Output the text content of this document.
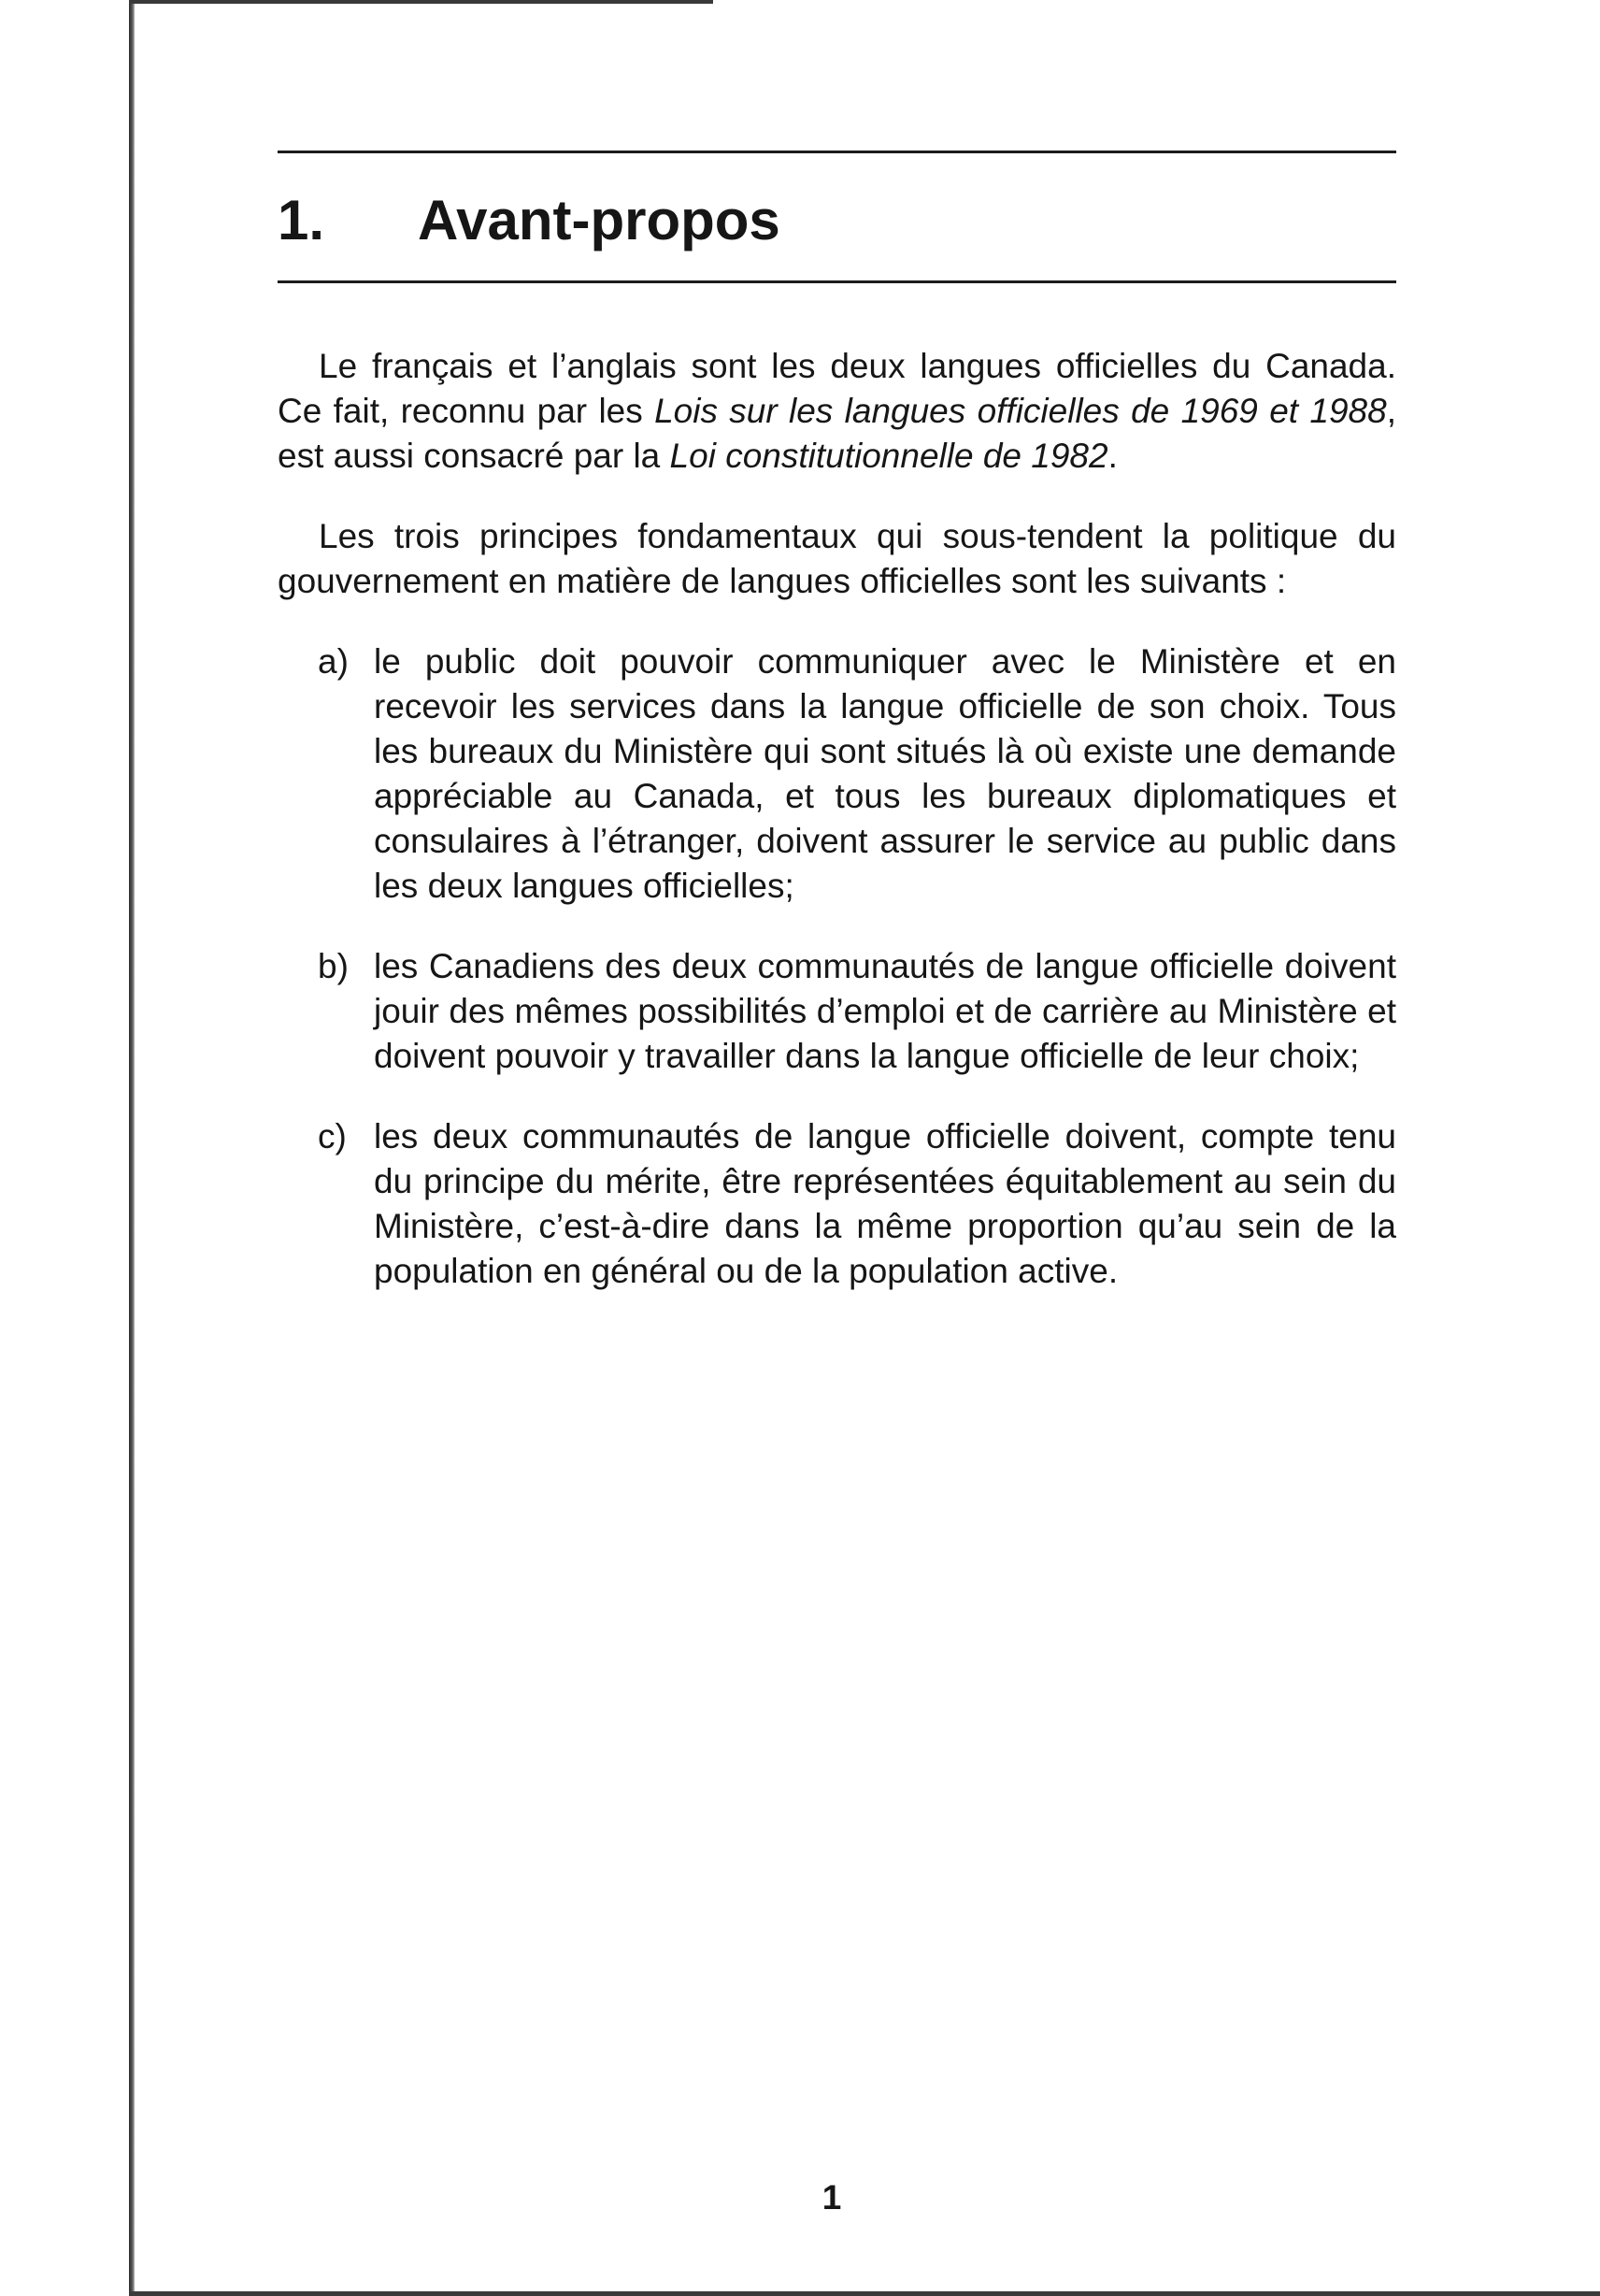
1. Avant-propos

Le français et l’anglais sont les deux langues officielles du Canada. Ce fait, reconnu par les Lois sur les langues officielles de 1969 et 1988, est aussi consacré par la Loi constitutionnelle de 1982.

Les trois principes fondamentaux qui sous-tendent la politique du gouvernement en matière de langues officielles sont les suivants :

a) le public doit pouvoir communiquer avec le Ministère et en recevoir les services dans la langue officielle de son choix. Tous les bureaux du Ministère qui sont situés là où existe une demande appréciable au Canada, et tous les bureaux diplomatiques et consulaires à l’étranger, doivent assurer le service au public dans les deux langues officielles;
b) les Canadiens des deux communautés de langue officielle doivent jouir des mêmes possibilités d’emploi et de carrière au Ministère et doivent pouvoir y travailler dans la langue officielle de leur choix;
c) les deux communautés de langue officielle doivent, compte tenu du principe du mérite, être représentées équitablement au sein du Ministère, c’est-à-dire dans la même proportion qu’au sein de la population en général ou de la population active.
1
